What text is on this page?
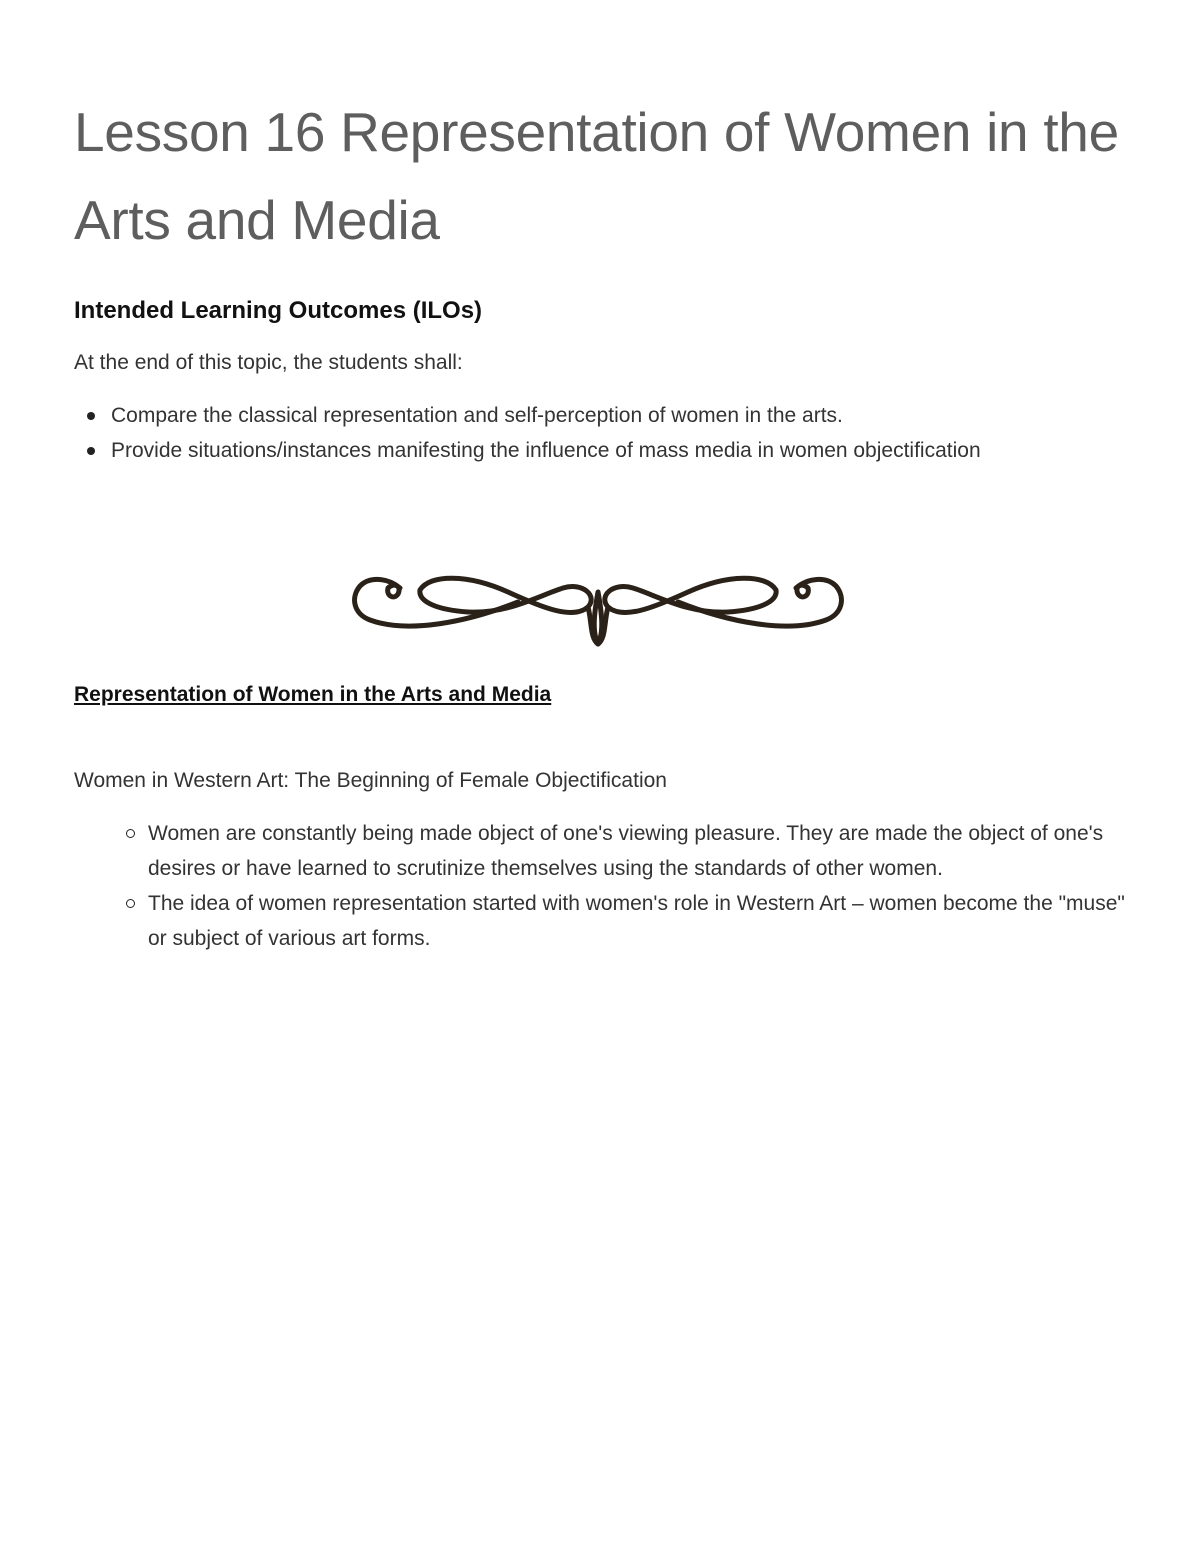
Lesson 16 Representation of Women in the Arts and Media
Intended Learning Outcomes (ILOs)

At the end of this topic, the students shall:

Compare the classical representation and self-perception of women in the arts.
Provide situations/instances manifesting the influence of mass media in women objectification
Representation of Women in the Arts and Media

Women in Western Art: The Beginning of Female Objectification

Women are constantly being made object of one's viewing pleasure. They are made the object of one's desires or have learned to scrutinize themselves using the standards of other women.
The idea of women representation started with women's role in Western Art – women become the "muse" or subject of various art forms.
